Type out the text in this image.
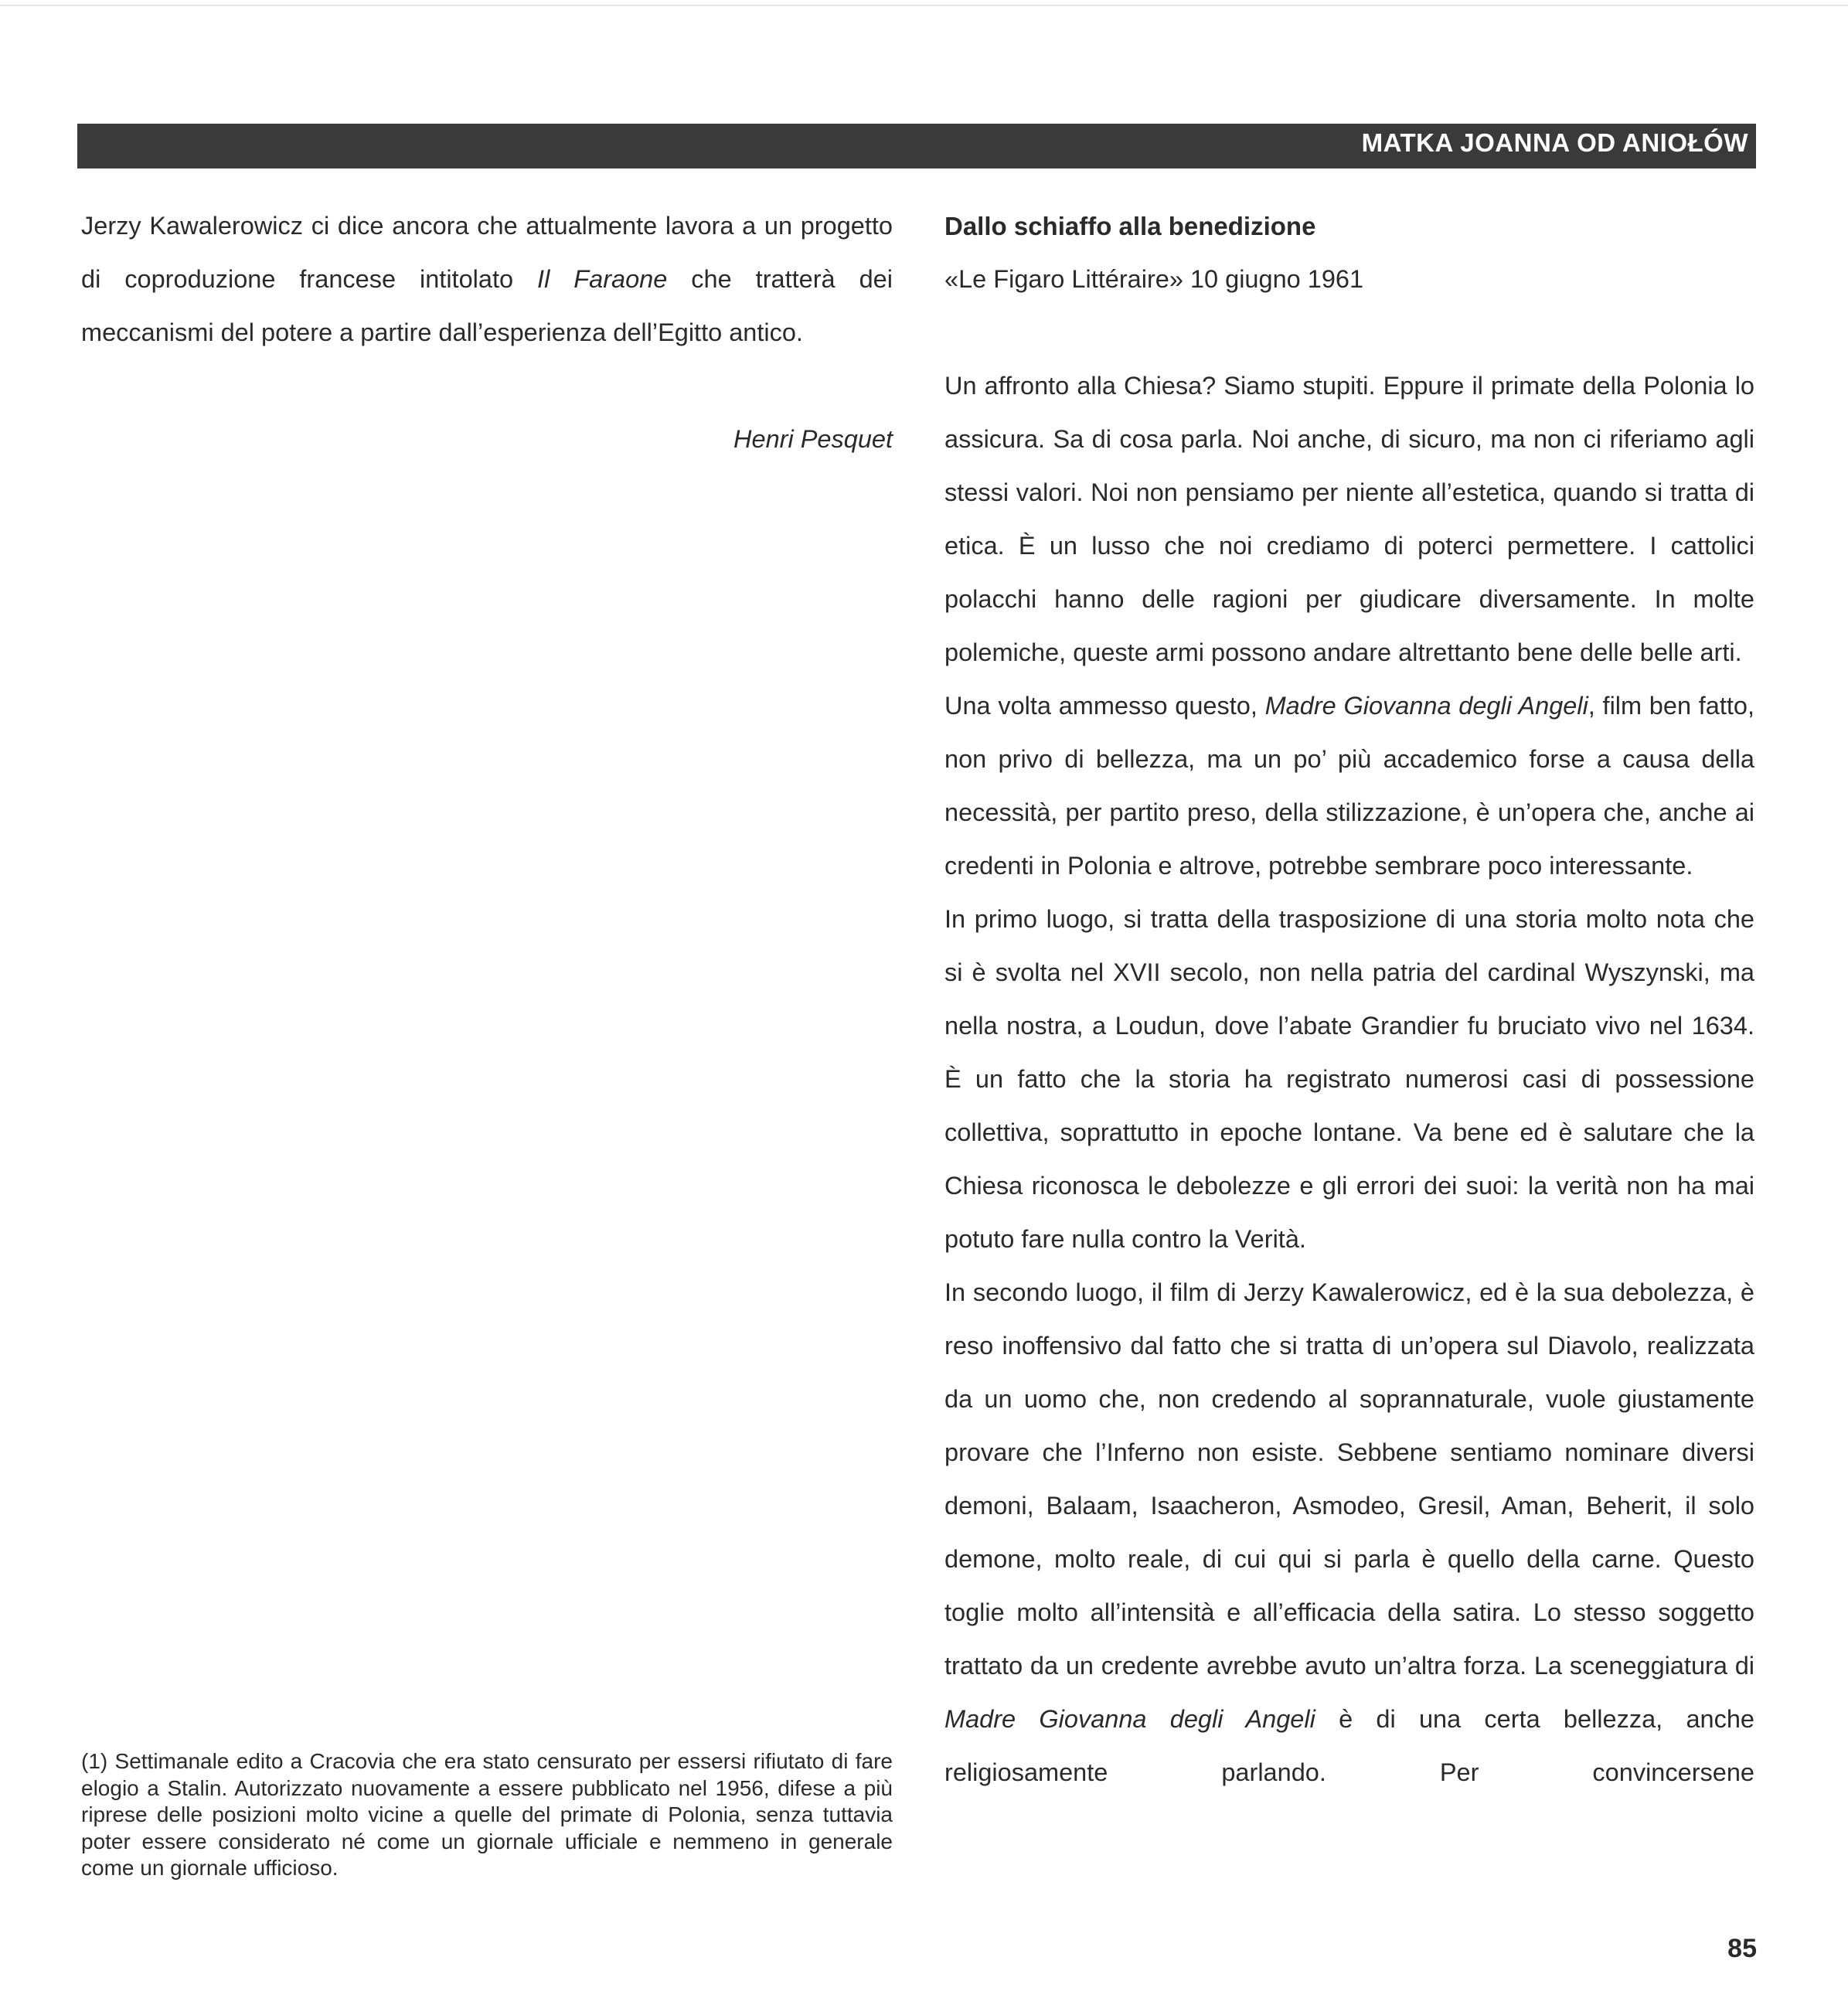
MATKA JOANNA OD ANIOŁÓW

Jerzy Kawalerowicz ci dice ancora che attualmente lavora a un progetto di coproduzione francese intitolato Il Faraone che tratterà dei meccanismi del potere a partire dall’esperienza dell’Egitto antico.

Henri Pesquet

(1) Settimanale edito a Cracovia che era stato censurato per essersi rifiutato di fare elogio a Stalin. Autorizzato nuovamente a essere pubblicato nel 1956, difese a più riprese delle posizioni molto vicine a quelle del primate di Polonia, senza tuttavia poter essere considerato né come un giornale ufficiale e nemmeno in generale come un giornale ufficioso.

Dallo schiaffo alla benedizione

«Le Figaro Littéraire» 10 giugno 1961

Un affronto alla Chiesa? Siamo stupiti. Eppure il primate della Polonia lo assicura. Sa di cosa parla. Noi anche, di sicuro, ma non ci riferiamo agli stessi valori. Noi non pensiamo per niente all’estetica, quando si tratta di etica. È un lusso che noi crediamo di poterci permettere. I cattolici polacchi hanno delle ragioni per giudicare diversamente. In molte polemiche, queste armi possono andare altrettanto bene delle belle arti.

Una volta ammesso questo, Madre Giovanna degli Angeli, film ben fatto, non privo di bellezza, ma un po’ più accademico forse a causa della necessità, per partito preso, della stilizzazione, è un’opera che, anche ai credenti in Polonia e altrove, potrebbe sembrare poco interessante.

In primo luogo, si tratta della trasposizione di una storia molto nota che si è svolta nel XVII secolo, non nella patria del cardinal Wyszynski, ma nella nostra, a Loudun, dove l’abate Grandier fu bruciato vivo nel 1634. È un fatto che la storia ha registrato numerosi casi di possessione collettiva, soprattutto in epoche lontane. Va bene ed è salutare che la Chiesa riconosca le debolezze e gli errori dei suoi: la verità non ha mai potuto fare nulla contro la Verità.

In secondo luogo, il film di Jerzy Kawalerowicz, ed è la sua debolezza, è reso inoffensivo dal fatto che si tratta di un’opera sul Diavolo, realizzata da un uomo che, non credendo al soprannaturale, vuole giustamente provare che l’Inferno non esiste. Sebbene sentiamo nominare diversi demoni, Balaam, Isaacheron, Asmodeo, Gresil, Aman, Beherit, il solo demone, molto reale, di cui qui si parla è quello della carne. Questo toglie molto all’intensità e all’efficacia della satira. Lo stesso soggetto trattato da un credente avrebbe avuto un’altra forza. La sceneggiatura di Madre Giovanna degli Angeli è di una certa bellezza, anche religiosamente parlando. Per convincersene

85
